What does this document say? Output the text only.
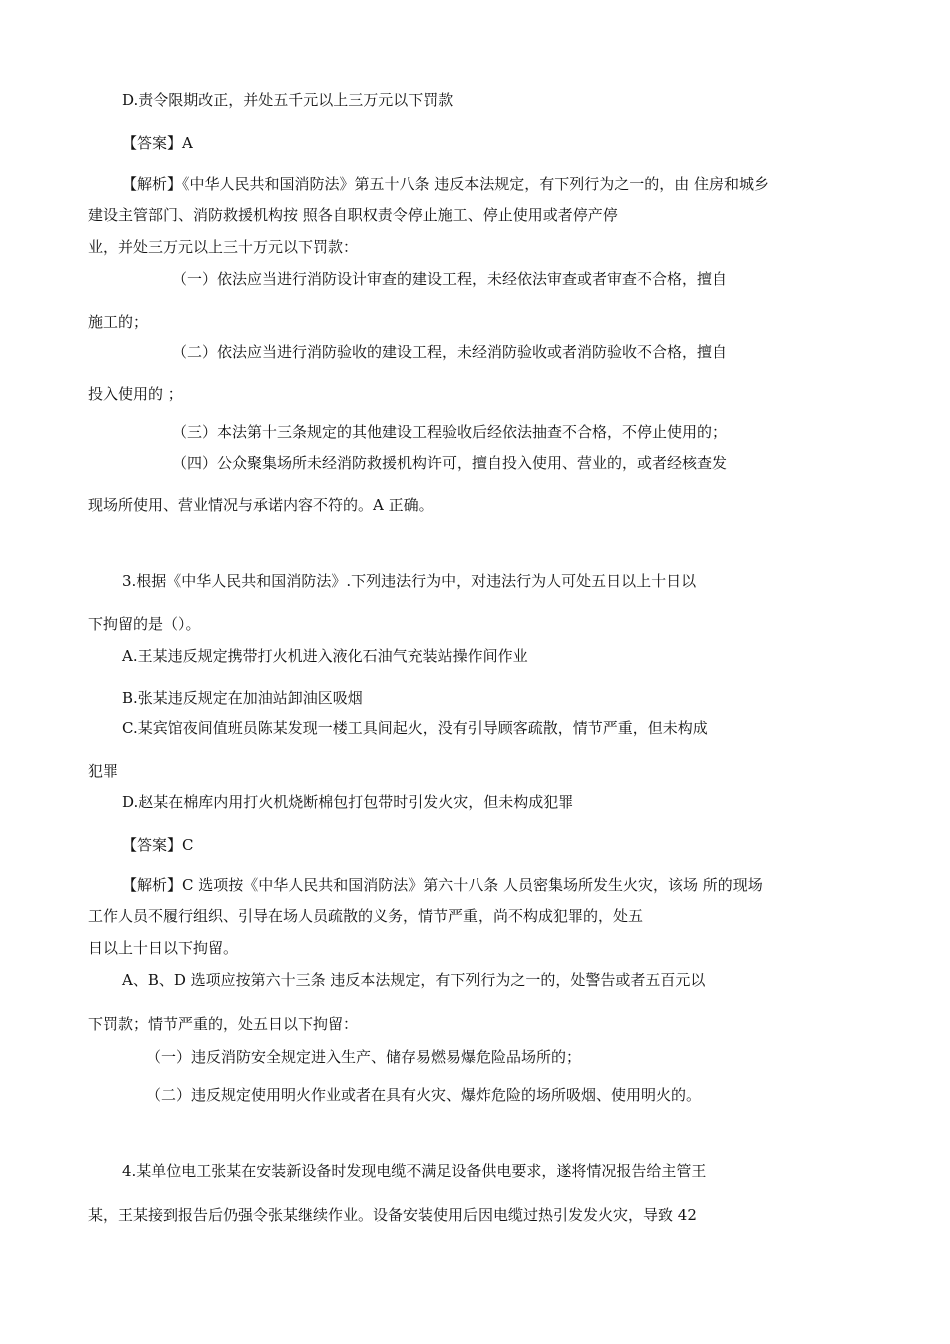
D.责令限期改正，并处五千元以上三万元以下罚款
【答案】A
【解析】《中华人民共和国消防法》第五十八条 违反本法规定，有下列行为之一的，由 住房和城乡
建设主管部门、消防救援机构按 照各自职权责令停止施工、停止使用或者停产停
业，并处三万元以上三十万元以下罚款：
（一）依法应当进行消防设计审查的建设工程，未经依法审查或者审查不合格，擅自
施工的；
（二）依法应当进行消防验收的建设工程，未经消防验收或者消防验收不合格，擅自
投入使用的 ；
（三）本法第十三条规定的其他建设工程验收后经依法抽查不合格，不停止使用的；
（四）公众聚集场所未经消防救援机构许可，擅自投入使用、营业的，或者经核查发
现场所使用、营业情况与承诺内容不符的。A 正确。
3.根据《中华人民共和国消防法》.下列违法行为中，对违法行为人可处五日以上十日以
下拘留的是（）。
A.王某违反规定携带打火机进入液化石油气充装站操作间作业
B.张某违反规定在加油站卸油区吸烟
C.某宾馆夜间值班员陈某发现一楼工具间起火，没有引导顾客疏散，情节严重，但未构成
犯罪
D.赵某在棉库内用打火机烧断棉包打包带时引发火灾，但未构成犯罪
【答案】C
【解析】C 选项按《中华人民共和国消防法》第六十八条 人员密集场所发生火灾，该场 所的现场
工作人员不履行组织、引导在场人员疏散的义务，情节严重，尚不构成犯罪的，处五
日以上十日以下拘留。
A、B、D 选项应按第六十三条 违反本法规定，有下列行为之一的，处警告或者五百元以
下罚款；情节严重的，处五日以下拘留：
（一）违反消防安全规定进入生产、储存易燃易爆危险品场所的；
（二）违反规定使用明火作业或者在具有火灾、爆炸危险的场所吸烟、使用明火的。
4.某单位电工张某在安装新设备时发现电缆不满足设备供电要求，遂将情况报告给主管王
某，王某接到报告后仍强令张某继续作业。设备安装使用后因电缆过热引发发火灾，导致 42
